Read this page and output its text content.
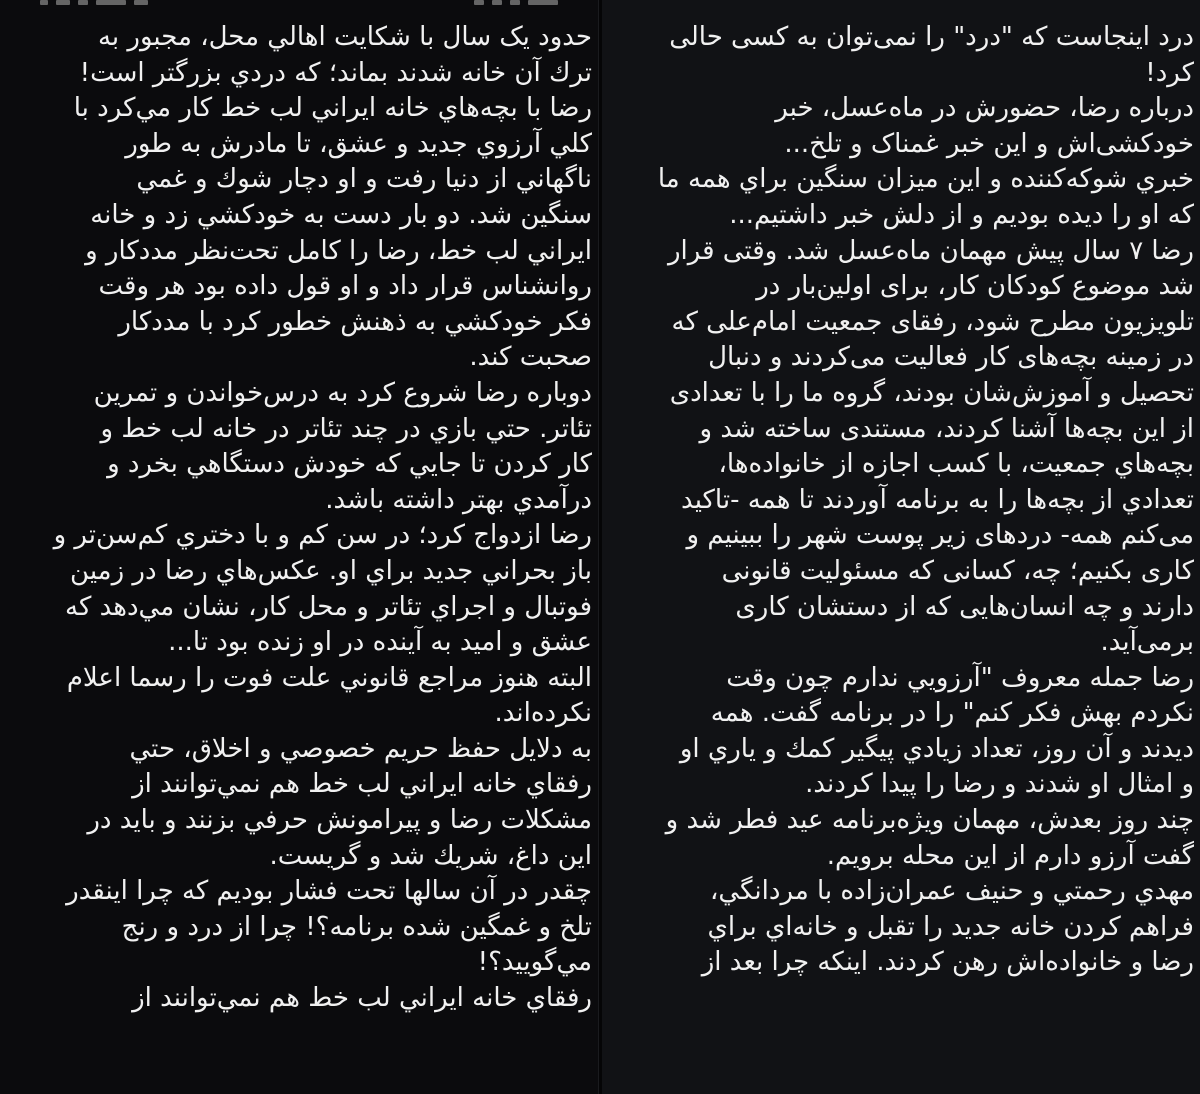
حدود یک سال با شکایت اهالي محل، مجبور به
ترك آن خانه شدند بماند؛ که دردي بزرگتر است!
رضا با بچه‌هاي خانه ایراني لب خط کار مي‌کرد با
کلي آرزوي جدید و عشق، تا مادرش به طور
ناگهاني از دنیا رفت و او دچار شوك و غمي
سنگین شد. دو بار دست به خودکشي زد و خانه
ایراني لب خط، رضا را کامل تحت‌نظر مددکار و
روانشناس قرار داد و او قول داده بود هر وقت
فکر خودکشي به ذهنش خطور کرد با مددکار
صحبت کند.
دوباره رضا شروع کرد به درس‌خواندن و تمرین
تئاتر. حتي بازي در چند تئاتر در خانه لب خط و
کار کردن تا جایي که خودش دستگاهي بخرد و
درآمدي بهتر داشته باشد.
رضا ازدواج کرد؛ در سن کم و با دختري کم‌سن‌تر و
باز بحراني جدید براي او. عکس‌هاي رضا در زمین
فوتبال و اجراي تئاتر و محل کار، نشان مي‌دهد که
عشق و امید به آینده در او زنده بود تا...
البته هنوز مراجع قانوني علت فوت را رسما اعلام
نکرده‌اند.
به دلایل حفظ حریم خصوصي و اخلاق، حتي
رفقاي خانه ایراني لب خط هم نمي‌توانند از
مشکلات رضا و پیرامونش حرفي بزنند و باید در
این داغ، شریك شد و گریست.
چقدر در آن سالها تحت فشار بودیم که چرا اینقدر
تلخ و غمگین شده برنامه؟! چرا از درد و رنج
مي‌گویید؟!
رفقاي خانه ایراني لب خط هم نمي‌توانند از
درد اینجاست که "درد" را نمی‌توان به کسی حالی
کرد!
درباره رضا، حضورش در ماه‌عسل، خبر
خودکشی‌اش و این خبر غمناک و تلخ...
خبري شوکه‌کننده و این میزان سنگین براي همه ما
که او را دیده بودیم و از دلش خبر داشتیم...
رضا ۷ سال پیش مهمان ماه‌عسل شد. وقتی قرار
شد موضوع کودکان کار، برای اولین‌بار در
تلویزیون مطرح شود، رفقای جمعیت امام‌علی که
در زمینه بچه‌های کار فعالیت می‌کردند و دنبال
تحصیل و آموزش‌شان بودند، گروه ما را با تعدادی
از این بچه‌ها آشنا کردند، مستندی ساخته شد و
بچه‌هاي جمعیت، با کسب اجازه از خانواده‌ها،
تعدادي از بچه‌ها را به برنامه آوردند تا همه -تاکید
می‌کنم همه- دردهای زیر پوست شهر را ببینیم و
کاری بکنیم؛ چه، کسانی که مسئولیت قانونی
دارند و چه انسان‌هایی که از دستشان کاری
برمی‌آید.
رضا جمله معروف "آرزويي ندارم چون وقت
نکردم بهش فکر کنم" را در برنامه گفت. همه
دیدند و آن روز، تعداد زیادي پیگیر کمك و یاري او
و امثال او شدند و رضا را پیدا کردند.
چند روز بعدش، مهمان ویژه‌برنامه عید فطر شد و
گفت آرزو دارم از این محله برویم.
مهدي رحمتي و حنیف عمران‌زاده با مردانگي،
فراهم کردن خانه جدید را تقبل و خانه‌اي براي
رضا و خانواده‌اش رهن کردند. اینکه چرا بعد از
